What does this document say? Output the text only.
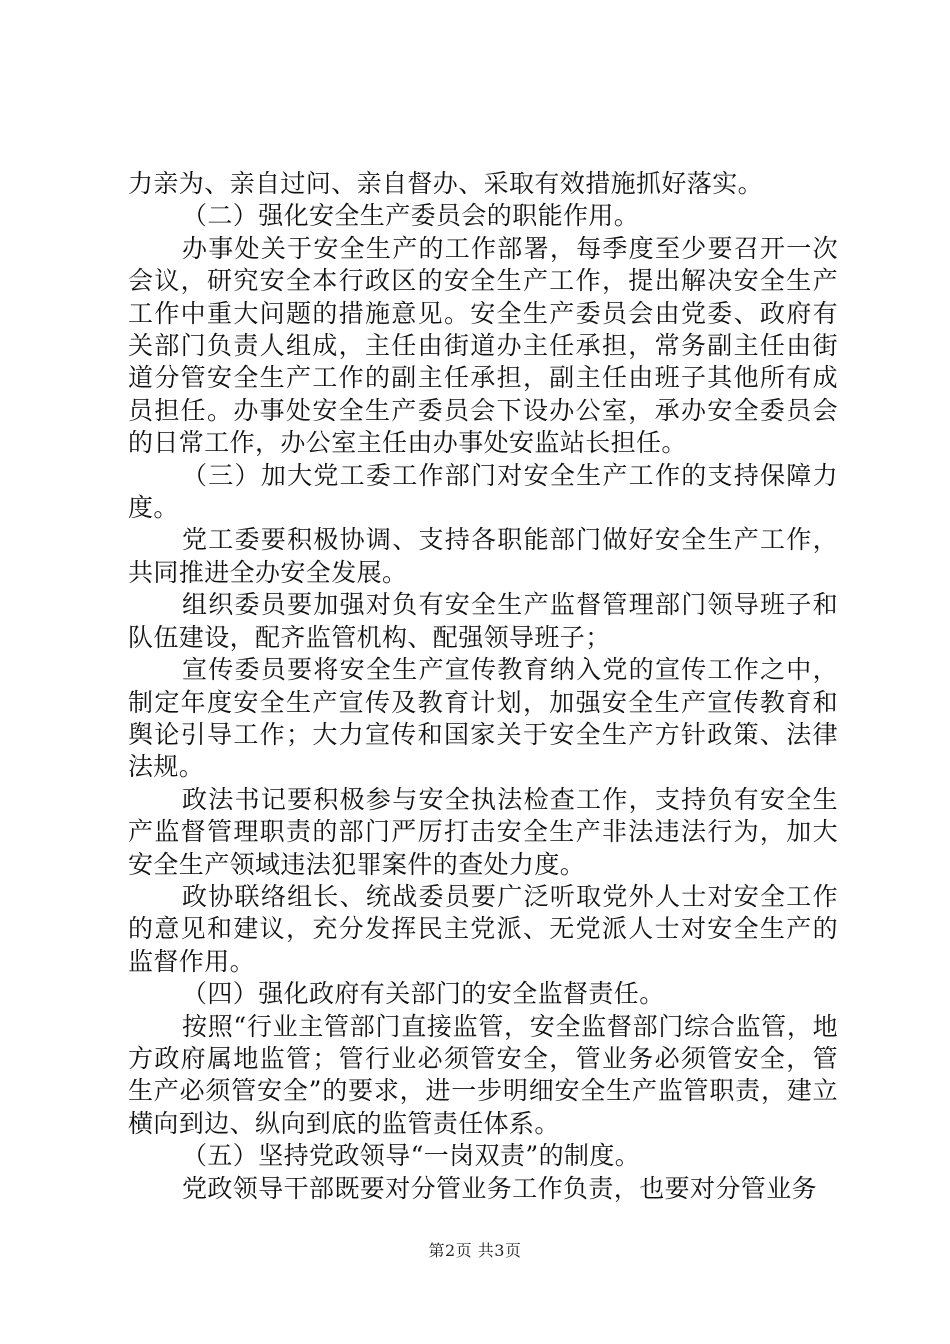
力亲为、亲自过问、亲自督办、采取有效措施抓好落实。

（二）强化安全生产委员会的职能作用。

办事处关于安全生产的工作部署，每季度至少要召开一次会议，研究安全本行政区的安全生产工作，提出解决安全生产工作中重大问题的措施意见。安全生产委员会由党委、政府有关部门负责人组成，主任由街道办主任承担，常务副主任由街道分管安全生产工作的副主任承担，副主任由班子其他所有成员担任。办事处安全生产委员会下设办公室，承办安全委员会的日常工作，办公室主任由办事处安监站长担任。

（三）加大党工委工作部门对安全生产工作的支持保障力度。

党工委要积极协调、支持各职能部门做好安全生产工作，共同推进全办安全发展。

组织委员要加强对负有安全生产监督管理部门领导班子和队伍建设，配齐监管机构、配强领导班子；

宣传委员要将安全生产宣传教育纳入党的宣传工作之中，制定年度安全生产宣传及教育计划，加强安全生产宣传教育和舆论引导工作；大力宣传和国家关于安全生产方针政策、法律法规。

政法书记要积极参与安全执法检查工作，支持负有安全生产监督管理职责的部门严厉打击安全生产非法违法行为，加大安全生产领域违法犯罪案件的查处力度。

政协联络组长、统战委员要广泛听取党外人士对安全工作的意见和建议，充分发挥民主党派、无党派人士对安全生产的监督作用。

（四）强化政府有关部门的安全监督责任。

按照“行业主管部门直接监管，安全监督部门综合监管，地方政府属地监管；管行业必须管安全，管业务必须管安全，管生产必须管安全”的要求，进一步明细安全生产监管职责，建立横向到边、纵向到底的监管责任体系。

（五）坚持党政领导“一岗双责”的制度。

党政领导干部既要对分管业务工作负责，也要对分管业务

第2页 共3页
